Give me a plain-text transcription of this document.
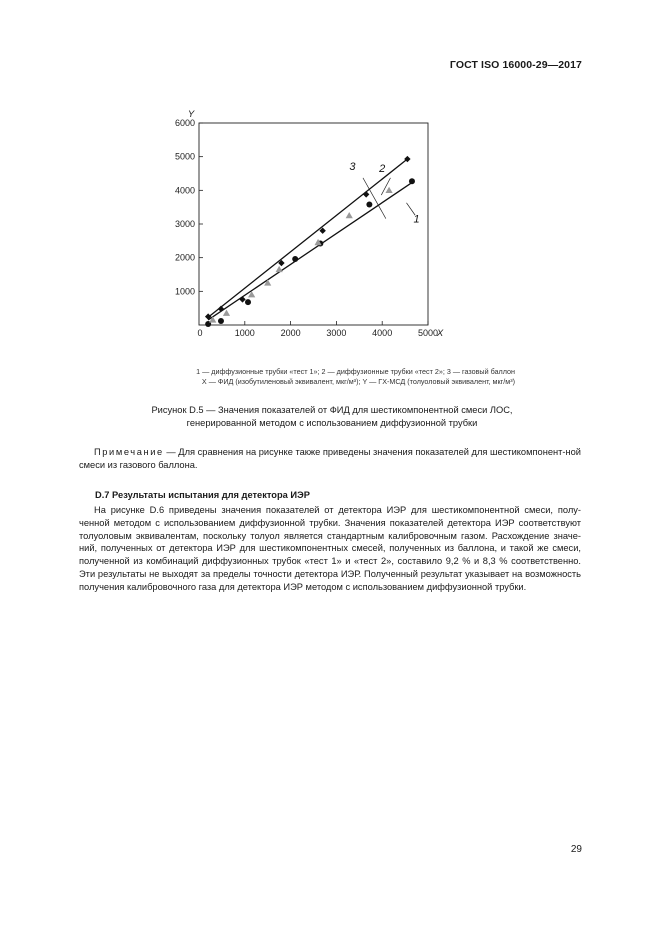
ГОСТ ISO 16000-29—2017
1000
2000
3000
4000
5000
6000
1000	2000	3000	4000	5000
0	X
Y
1
2
3
1 — диффузионные трубки «тест 1»; 2 — диффузионные трубки «тест 2»; 3 — газовый баллон
X — ФИД (изобутиленовый эквивалент, мкг/м³); Y — ГХ-МСД (толуоловый эквивалент, мкг/м³)
Рисунок D.5 — Значения показателей от ФИД для шестикомпонентной смеси ЛОС,
генерированной методом с использованием диффузионной трубки
Примечание — Для сравнения на рисунке также приведены значения показателей для шестикомпонент-ной смеси из газового баллона.
D.7 Результаты испытания для детектора ИЭР
На рисунке D.6 приведены значения показателей от детектора ИЭР для шестикомпонентной смеси, полу-ченной методом с использованием диффузионной трубки. Значения показателей детектора ИЭР соответствуют толуоловым эквивалентам, поскольку толуол является стандартным калибровочным газом. Расхождение значе-ний, полученных от детектора ИЭР для шестикомпонентных смесей, полученных из баллона, и такой же смеси, полученной из комбинаций диффузионных трубок «тест 1» и «тест 2», составило 9,2 % и 8,3 % соответственно. Эти результаты не выходят за пределы точности детектора ИЭР. Полученный результат указывает на возможность получения калибровочного газа для детектора ИЭР методом с использованием диффузионной трубки.
29
